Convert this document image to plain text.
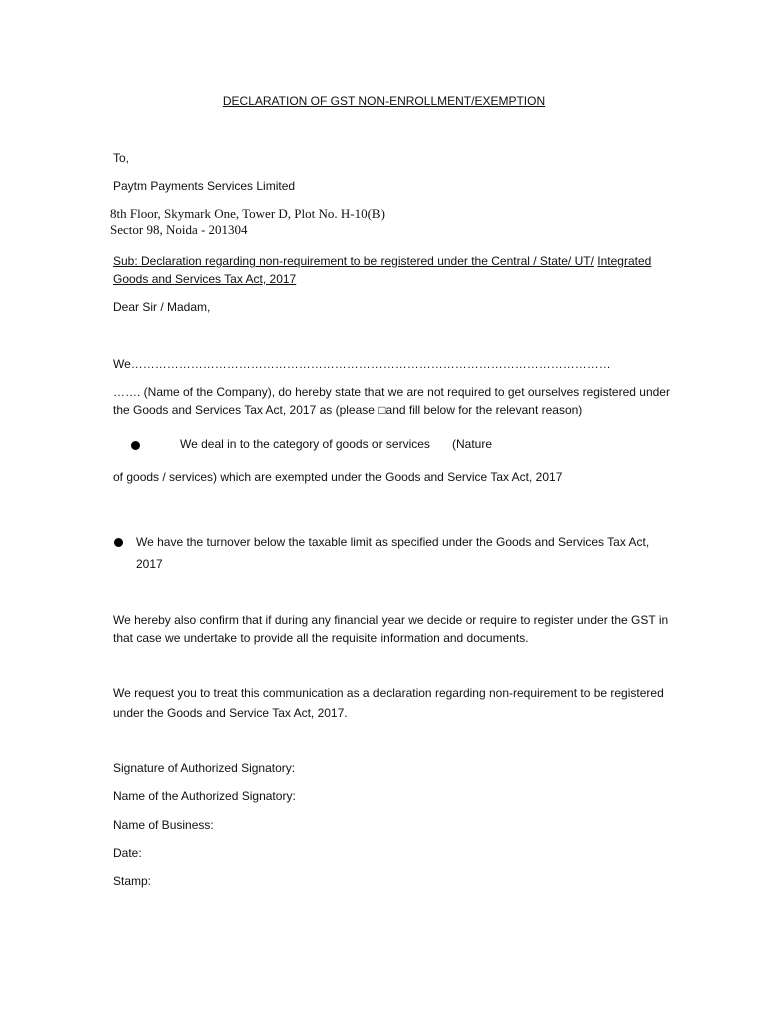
DECLARATION OF GST NON-ENROLLMENT/EXEMPTION
To,
Paytm Payments Services Limited
8th Floor, Skymark One, Tower D, Plot No. H-10(B)
Sector 98, Noida - 201304
Sub: Declaration regarding non-requirement to be registered under the Central / State/ UT/ Integrated
Goods and Services Tax Act, 2017
Dear Sir / Madam,
We…………………………………………………………………………………………………………
……. (Name of the Company), do hereby state that we are not required to get ourselves registered under
the Goods and Services Tax Act, 2017 as (please □and fill below for the relevant reason)
We deal in to the category of goods or services (Nature
of goods / services) which are exempted under the Goods and Service Tax Act, 2017
We have the turnover below the taxable limit as specified under the Goods and Services Tax Act,
2017
We hereby also confirm that if during any financial year we decide or require to register under the GST in
that case we undertake to provide all the requisite information and documents.
We request you to treat this communication as a declaration regarding non-requirement to be registered
under the Goods and Service Tax Act, 2017.
Signature of Authorized Signatory:
Name of the Authorized Signatory:
Name of Business:
Date:
Stamp:
